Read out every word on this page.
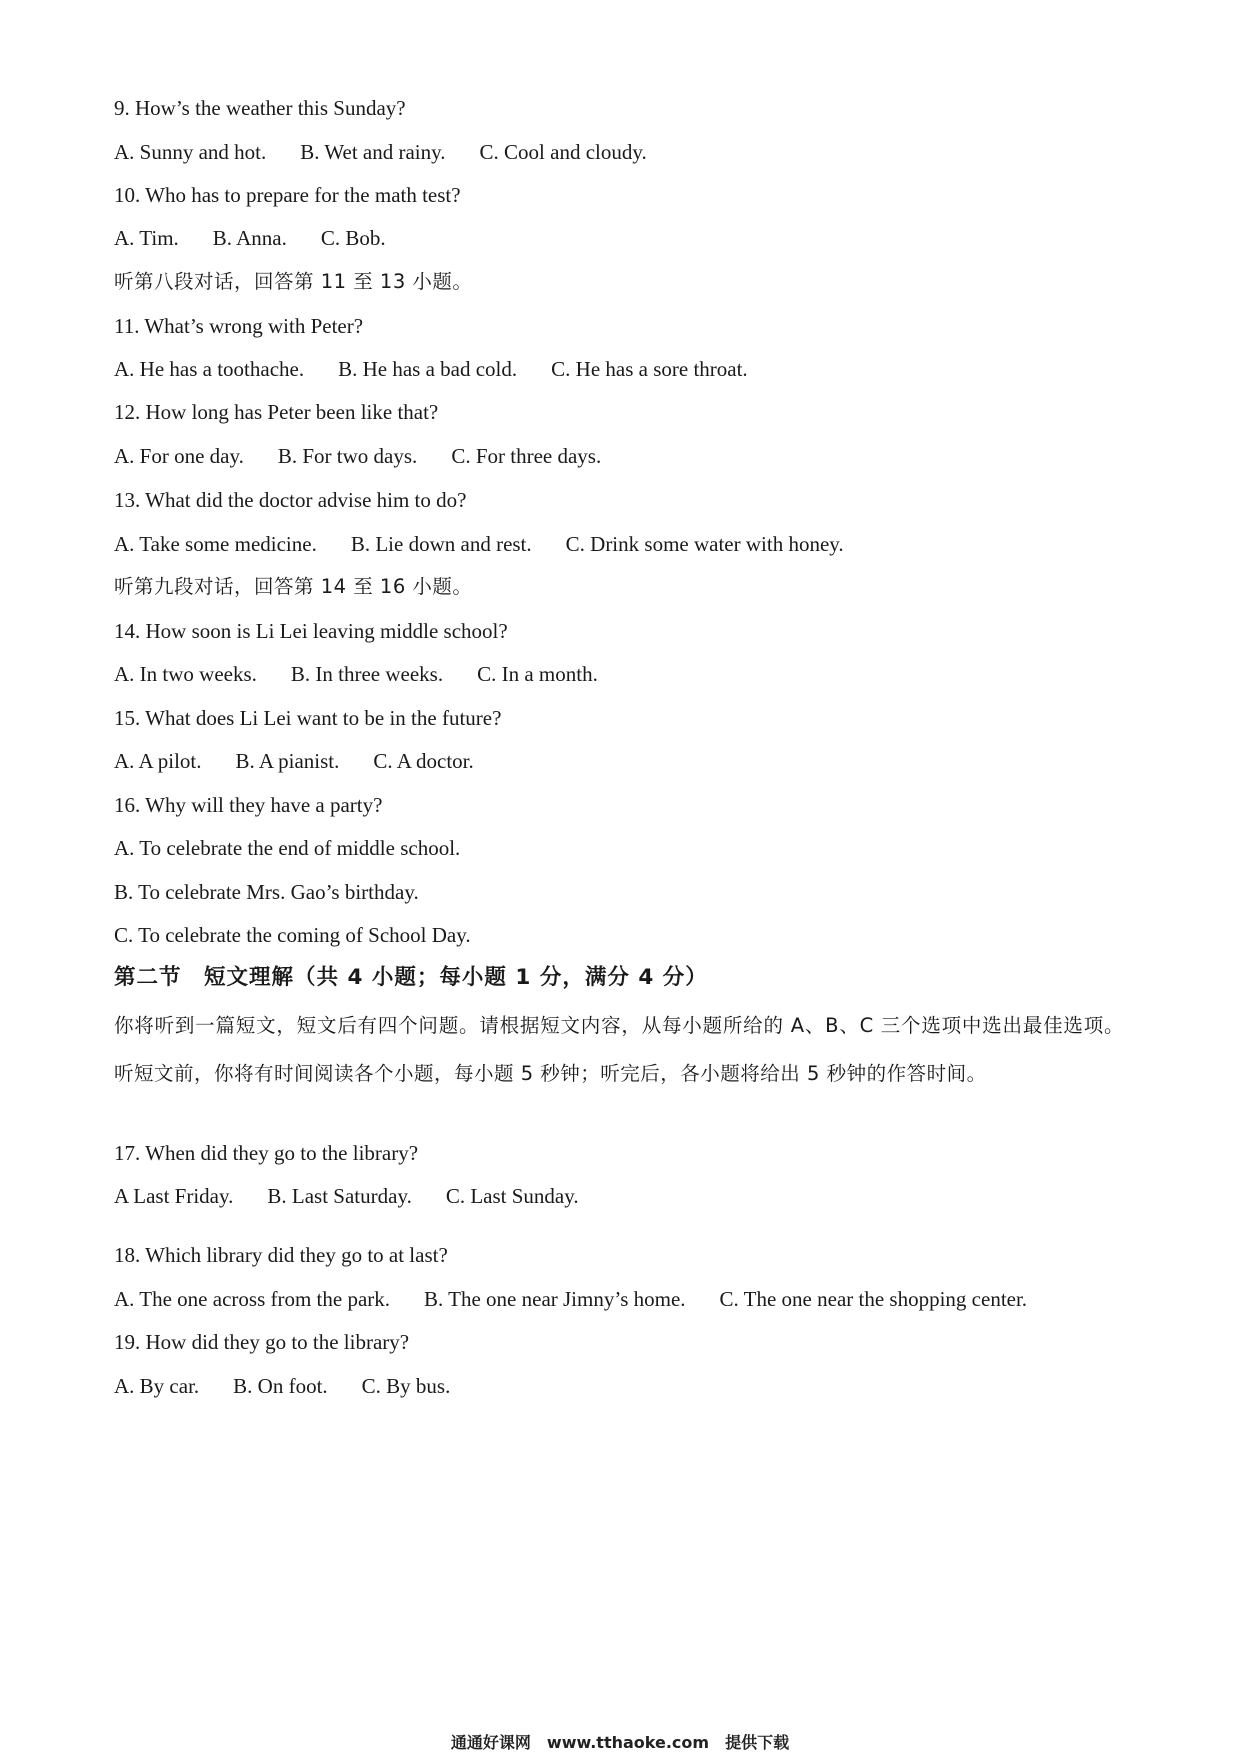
9. How’s the weather this Sunday?
A. Sunny and hot. B. Wet and rainy. C. Cool and cloudy.
10. Who has to prepare for the math test?
A. Tim. B. Anna. C. Bob.
听第八段对话，回答第 11 至 13 小题。
11. What’s wrong with Peter?
A. He has a toothache. B. He has a bad cold. C. He has a sore throat.
12. How long has Peter been like that?
A. For one day. B. For two days. C. For three days.
13. What did the doctor advise him to do?
A. Take some medicine. B. Lie down and rest. C. Drink some water with honey.
听第九段对话，回答第 14 至 16 小题。
14. How soon is Li Lei leaving middle school?
A. In two weeks. B. In three weeks. C. In a month.
15. What does Li Lei want to be in the future?
A. A pilot. B. A pianist. C. A doctor.
16. Why will they have a party?
A. To celebrate the end of middle school.
B. To celebrate Mrs. Gao’s birthday.
C. To celebrate the coming of School Day.
第二节　短文理解（共 4 小题；每小题 1 分，满分 4 分）
你将听到一篇短文，短文后有四个问题。请根据短文内容，从每小题所给的 A、B、C 三个选项中选出最佳选项。听短文前，你将有时间阅读各个小题，每小题 5 秒钟；听完后，各小题将给出 5 秒钟的作答时间。
17. When did they go to the library?
A Last Friday. B. Last Saturday. C. Last Sunday.
18. Which library did they go to at last?
A. The one across from the park. B. The one near Jimny’s home. C. The one near the shopping center.
19. How did they go to the library?
A. By car. B. On foot. C. By bus.
通通好课网　www.tthaoke.com　提供下载
